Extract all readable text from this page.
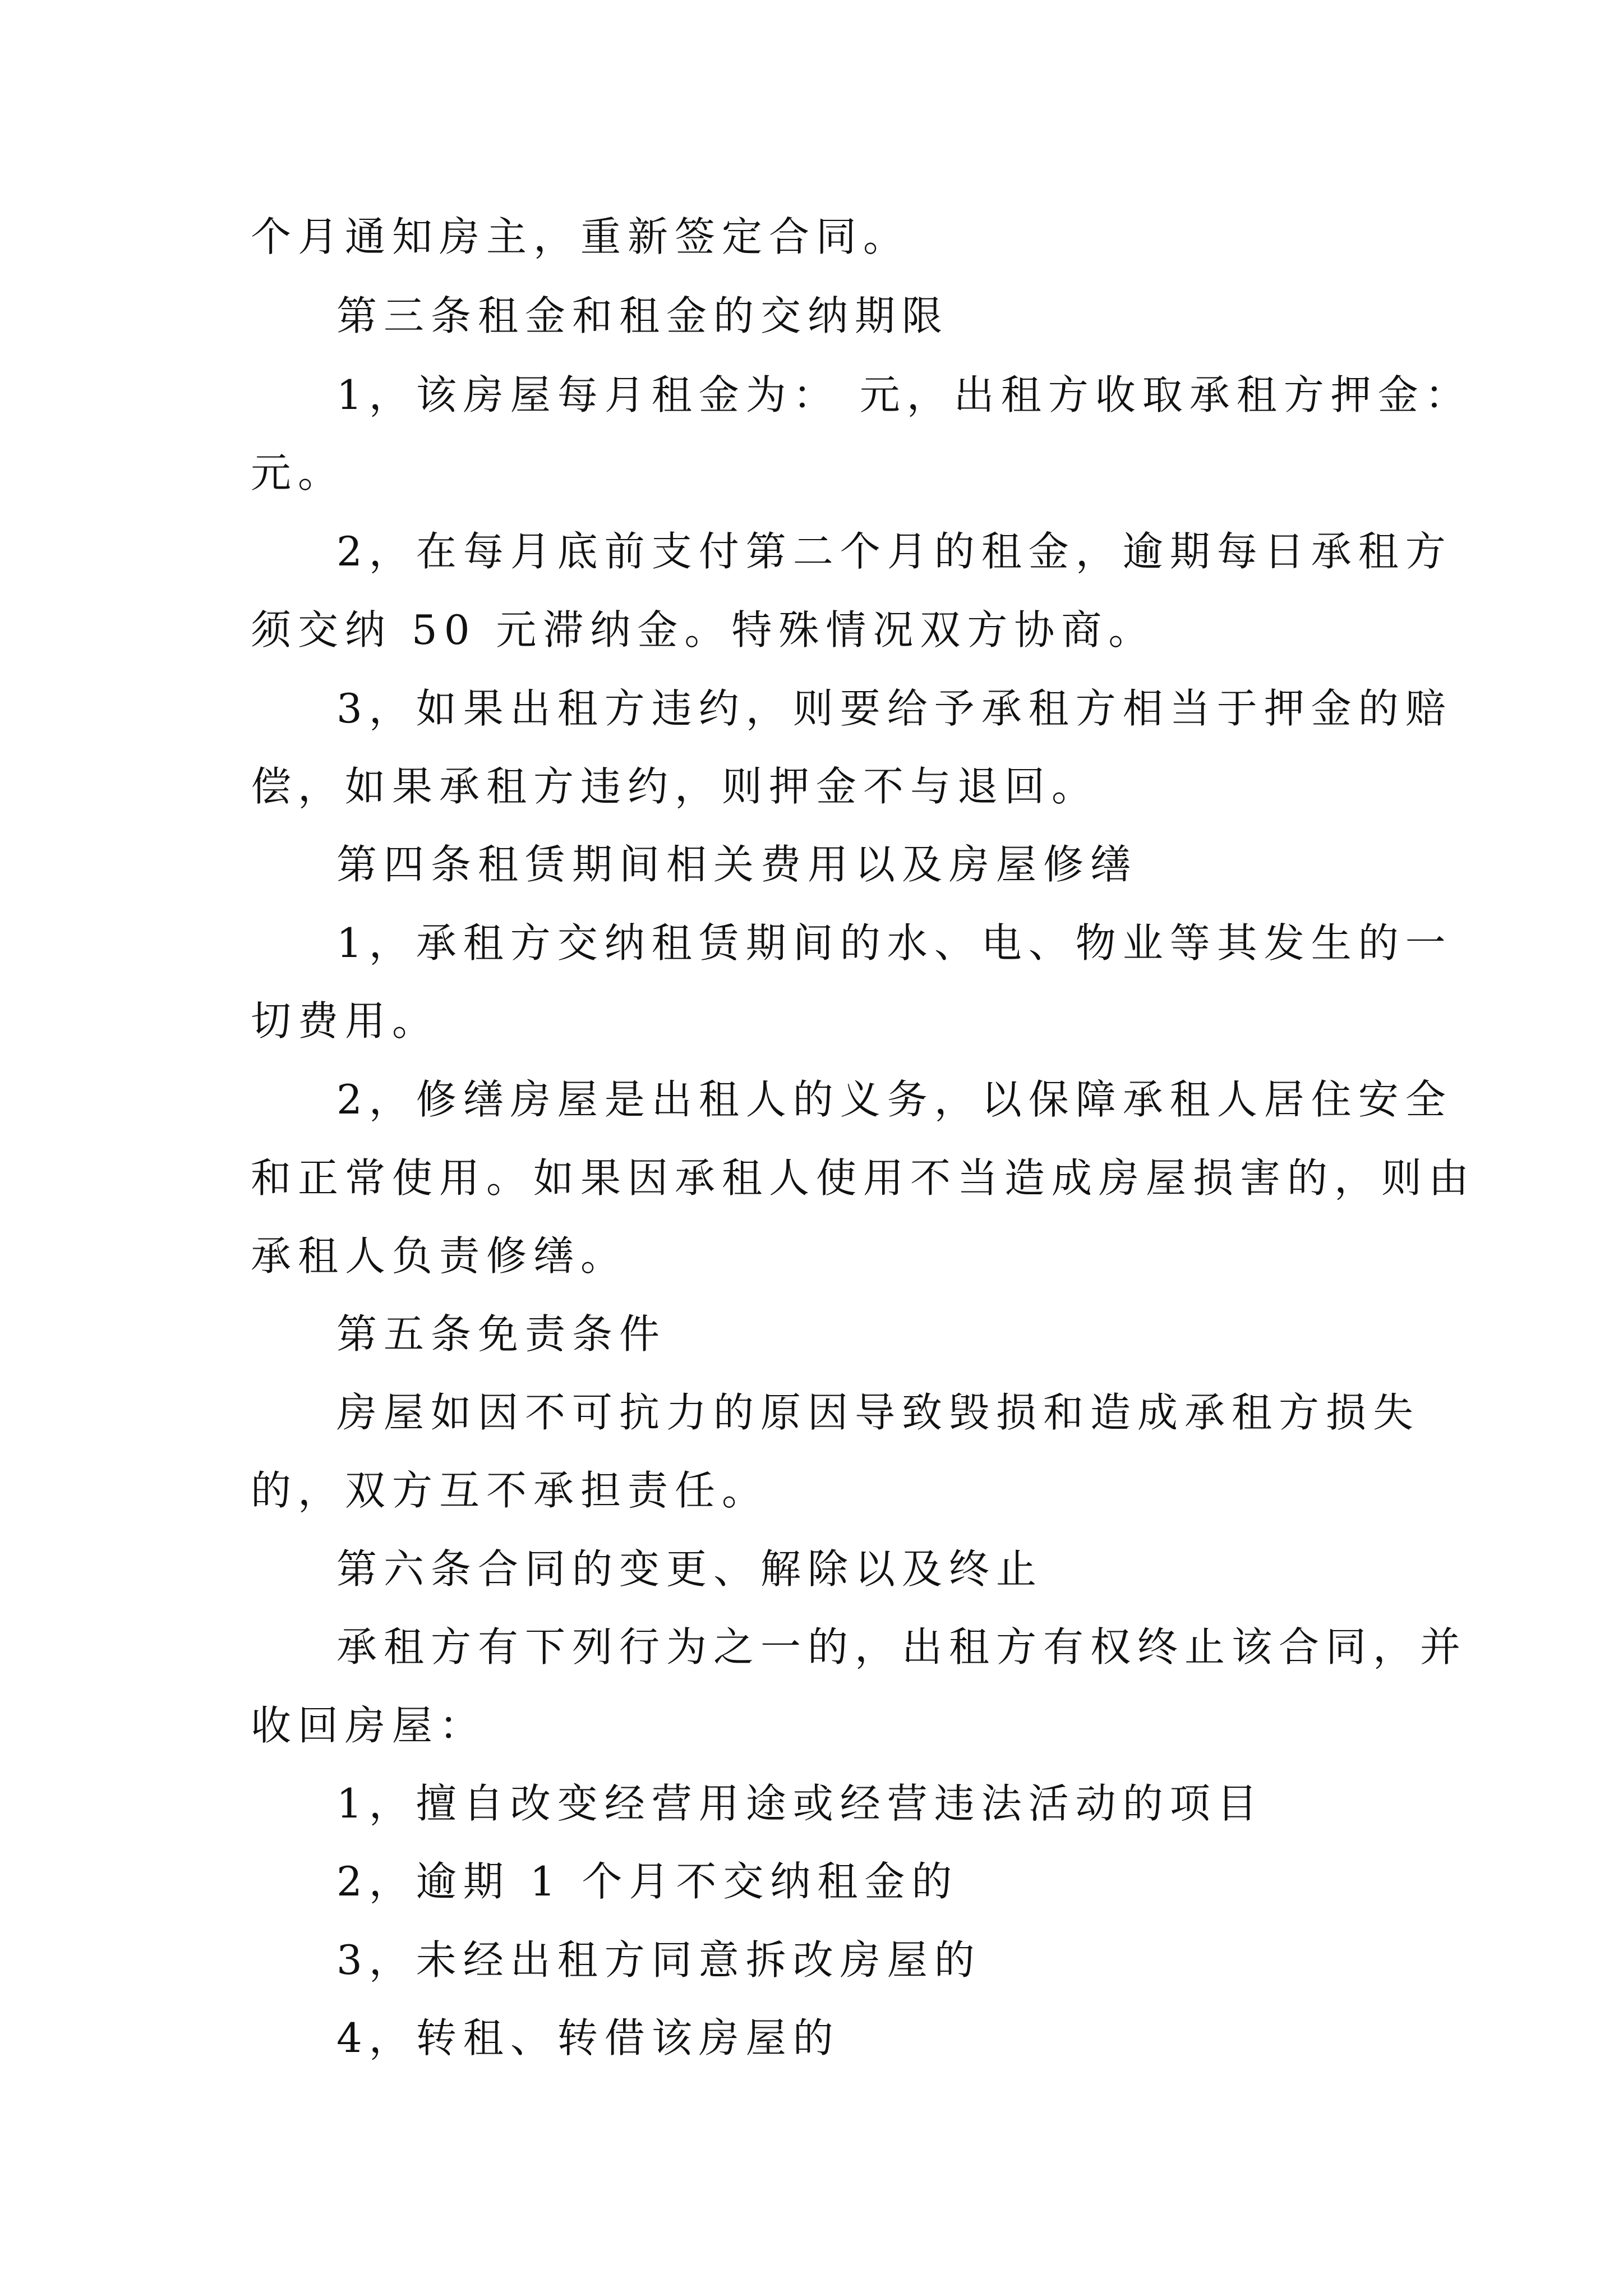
个月通知房主，重新签定合同。

第三条租金和租金的交纳期限

1，该房屋每月租金为： 元，出租方收取承租方押金：

元。

2，在每月底前支付第二个月的租金，逾期每日承租方

须交纳 50 元滞纳金。特殊情况双方协商。

3，如果出租方违约，则要给予承租方相当于押金的赔

偿，如果承租方违约，则押金不与退回。

第四条租赁期间相关费用以及房屋修缮

1，承租方交纳租赁期间的水、电、物业等其发生的一

切费用。

2，修缮房屋是出租人的义务，以保障承租人居住安全

和正常使用。如果因承租人使用不当造成房屋损害的，则由

承租人负责修缮。

第五条免责条件

房屋如因不可抗力的原因导致毁损和造成承租方损失

的，双方互不承担责任。

第六条合同的变更、解除以及终止

承租方有下列行为之一的，出租方有权终止该合同，并

收回房屋：

1，擅自改变经营用途或经营违法活动的项目

2，逾期 1 个月不交纳租金的

3，未经出租方同意拆改房屋的

4，转租、转借该房屋的
